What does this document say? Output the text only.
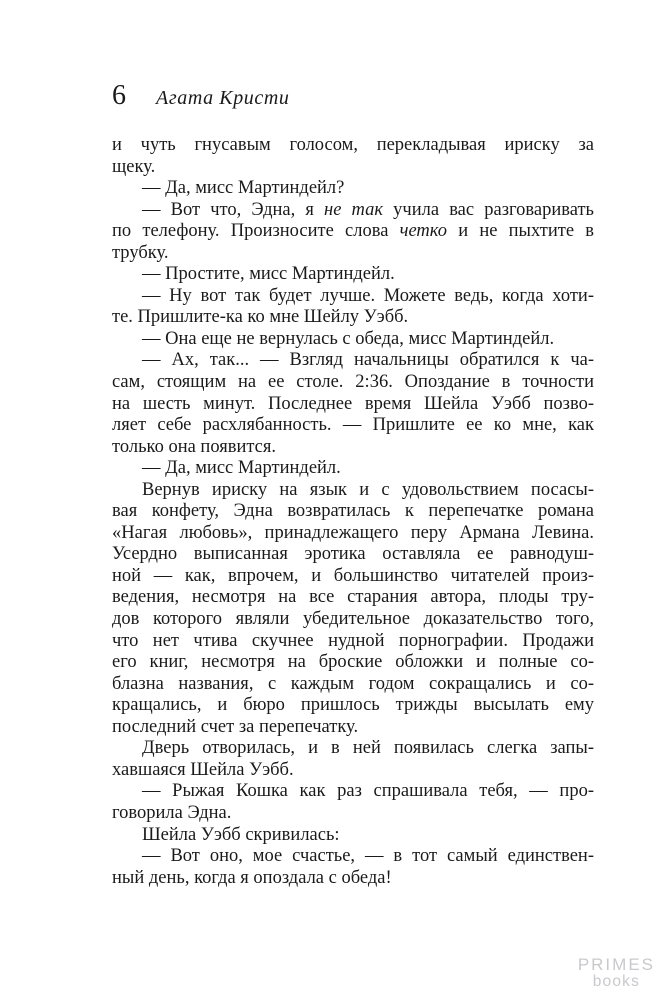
6 Агата Кристи
и чуть гнусавым голосом, перекладывая ириску за
щеку.
— Да, мисс Мартиндейл?
— Вот что, Эдна, я не так учила вас разговаривать
по телефону. Произносите слова четко и не пыхтите в
трубку.
— Простите, мисс Мартиндейл.
— Ну вот так будет лучше. Можете ведь, когда хоти-
те. Пришлите-ка ко мне Шейлу Уэбб.
— Она еще не вернулась с обеда, мисс Мартиндейл.
— Ах, так... — Взгляд начальницы обратился к ча-
сам, стоящим на ее столе. 2:36. Опоздание в точности
на шесть минут. Последнее время Шейла Уэбб позво-
ляет себе расхлябанность. — Пришлите ее ко мне, как
только она появится.
— Да, мисс Мартиндейл.
Вернув ириску на язык и с удовольствием посасы-
вая конфету, Эдна возвратилась к перепечатке романа
«Нагая любовь», принадлежащего перу Армана Левина.
Усердно выписанная эротика оставляла ее равнодуш-
ной — как, впрочем, и большинство читателей произ-
ведения, несмотря на все старания автора, плоды тру-
дов которого являли убедительное доказательство того,
что нет чтива скучнее нудной порнографии. Продажи
его книг, несмотря на броские обложки и полные со-
блазна названия, с каждым годом сокращались и со-
кращались, и бюро пришлось трижды высылать ему
последний счет за перепечатку.
Дверь отворилась, и в ней появилась слегка запы-
хавшаяся Шейла Уэбб.
— Рыжая Кошка как раз спрашивала тебя, — про-
говорила Эдна.
Шейла Уэбб скривилась:
— Вот оно, мое счастье, — в тот самый единствен-
ный день, когда я опоздала с обеда!
PRIMES
books
